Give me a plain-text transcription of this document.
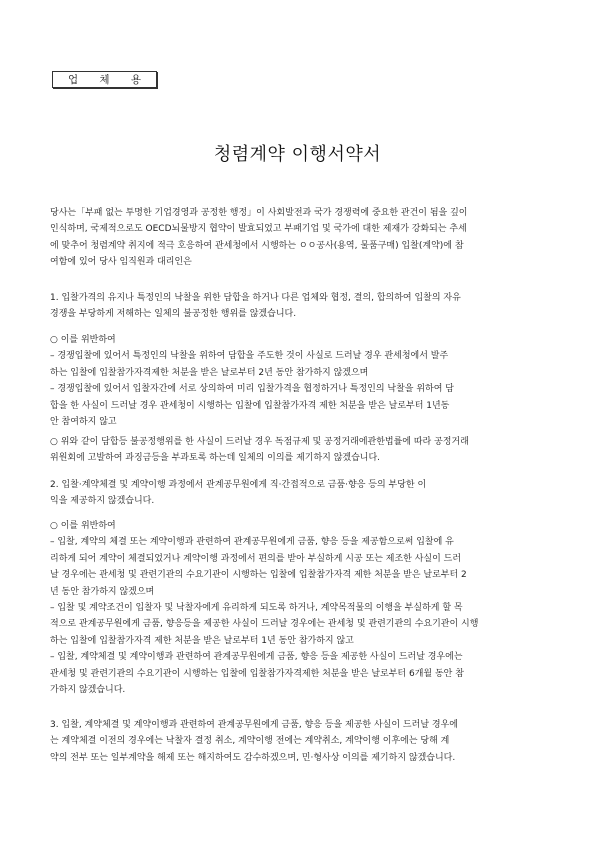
업 체 용
청렴계약 이행서약서

당사는「부패 없는 투명한 기업경영과 공정한 행정」이 사회발전과 국가 경쟁력에 중요한 관건이 됨을 깊이

인식하며, 국제적으로도 OECD뇌물방지 협약이 발효되었고 부패기업 및 국가에 대한 제재가 강화되는 추세

에 맞추어 청렴계약 취지에 적극 호응하여 관세청에서 시행하는 ㅇㅇ공사(용역, 물품구매) 입찰(계약)에 참

여함에 있어 당사 임직원과 대리인은

1. 입찰가격의 유지나 특정인의 낙찰을 위한 담합을 하거나 다른 업체와 협정, 결의, 합의하여 입찰의 자유

경쟁을 부당하게 저해하는 일체의 불공정한 행위를 않겠습니다.

○ 이를 위반하여

– 경쟁입찰에 있어서 특정인의 낙찰을 위하여 담합을 주도한 것이 사실로 드러날 경우 관세청에서 발주

하는 입찰에 입찰참가자격제한 처분을 받은 날로부터 2년 동안 참가하지 않겠으며

– 경쟁입찰에 있어서 입찰자간에 서로 상의하여 미리 입찰가격을 협정하거나 특정인의 낙찰을 위하여 담

합을 한 사실이 드러날 경우 관세청이 시행하는 입찰에 입찰참가자격 제한 처분을 받은 날로부터 1년동

안 참여하지 않고

○ 위와 같이 담합등 불공정행위를 한 사실이 드러날 경우 독점규제 및 공정거래에관한법률에 따라 공정거래

위원회에 고발하여 과징금등을 부과토록 하는데 일체의 이의를 제기하지 않겠습니다.

2. 입찰·계약체결 및 계약이행 과정에서 관계공무원에게 직·간접적으로 금품·향응 등의 부당한 이

익을 제공하지 않겠습니다.

○ 이를 위반하여

– 입찰, 계약의 체결 또는 계약이행과 관련하여 관계공무원에게 금품, 향응 등을 제공함으로써 입찰에 유

리하게 되어 계약이 체결되었거나 계약이행 과정에서 편의를 받아 부실하게 시공 또는 제조한 사실이 드러

날 경우에는 관세청 및 관련기관의 수요기관이 시행하는 입찰에 입찰참가자격 제한 처분을 받은 날로부터 2

년 동안 참가하지 않겠으며

– 입찰 및 계약조건이 입찰자 및 낙찰자에게 유리하게 되도록 하거나, 계약목적물의 이행을 부실하게 할 목

적으로 관계공무원에게 금품, 향응등을 제공한 사실이 드러날 경우에는 관세청 및 관련기관의 수요기관이 시행

하는 입찰에 입찰참가자격 제한 처분을 받은 날로부터 1년 동안 참가하지 않고

– 입찰, 계약체결 및 계약이행과 관련하여 관계공무원에게 금품, 향응 등을 제공한 사실이 드러날 경우에는

관세청 및 관련기관의 수요기관이 시행하는 입찰에 입찰참가자격제한 처분을 받은 날로부터 6개월 동안 참

가하지 않겠습니다.

3. 입찰, 계약체결 및 계약이행과 관련하여 관계공무원에게 금품, 향응 등을 제공한 사실이 드러날 경우에

는 계약체결 이전의 경우에는 낙찰자 결정 취소, 계약이행 전에는 계약취소, 계약이행 이후에는 당해 계

약의 전부 또는 일부계약을 해제 또는 해지하여도 감수하겠으며, 민·형사상 이의를 제기하지 않겠습니다.
